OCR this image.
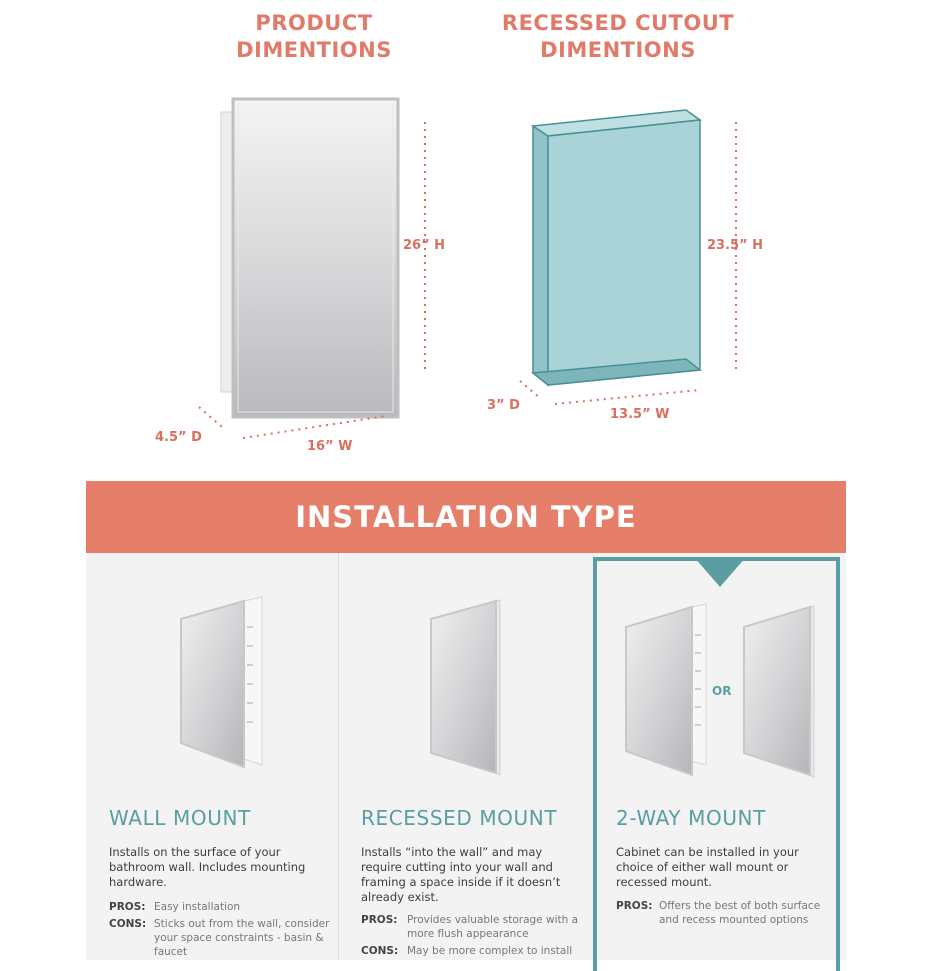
PRODUCT
DIMENTIONS
RECESSED CUTOUT
DIMENTIONS
26” H
16” W
4.5” D
23.5” H
13.5” W
3” D
INSTALLATION TYPE
OR
WALL MOUNT
Installs on the surface of your bathroom wall. Includes mounting hardware.
PROS: Easy installation
CONS: Sticks out from the wall, consider your space constraints - basin & faucet
RECESSED MOUNT
Installs “into the wall” and may require cutting into your wall and framing a space inside if it doesn’t already exist.
PROS: Provides valuable storage with a more flush appearance
CONS: May be more complex to install
2-WAY MOUNT
Cabinet can be installed in your choice of either wall mount or recessed mount.
PROS: Offers the best of both surface and recess mounted options
